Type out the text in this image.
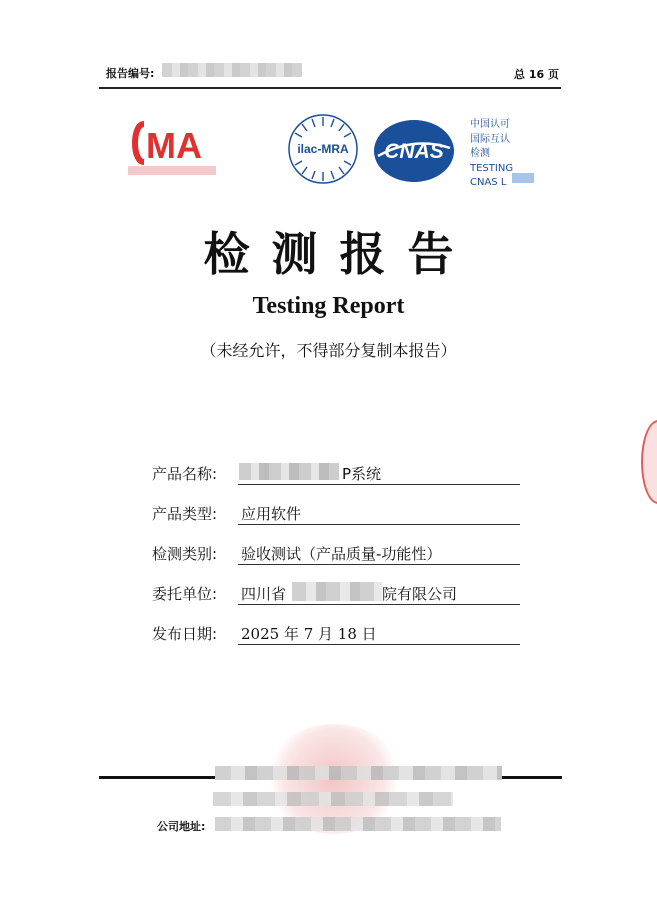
报告编号:	总 16 页
MA	ilac-MRA CNAS
中国认可
国际互认
检测
TESTING
CNAS L
检测报告
Testing Report
（未经允许，不得部分复制本报告）
产品名称:	P系统
产品类型: 应用软件
检测类别: 验收测试（产品质量-功能性）
委托单位: 四川省	院有限公司
发布日期: 2025 年 7 月 18 日
公司地址:
